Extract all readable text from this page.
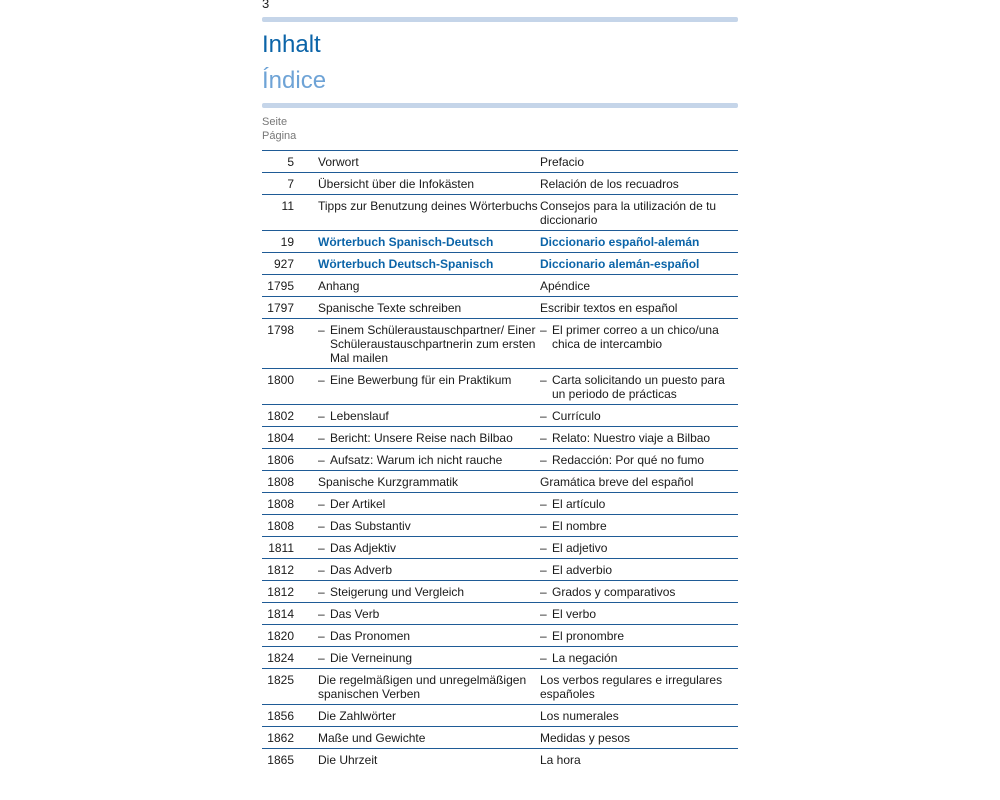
3
Inhalt
Índice
Seite
Página
5		Vorwort	Prefacio

7		Übersicht über die Infokästen	Relación de los recuadros

11		Tipps zur Benutzung deines Wörterbuchs	Consejos para la utilización de tu diccionario

19		Wörterbuch Spanisch-Deutsch	Diccionario español-alemán

927		Wörterbuch Deutsch-Spanisch	Diccionario alemán-español

1795		Anhang	Apéndice

1797		Spanische Texte schreiben	Escribir textos en español

1798		– Einem Schüleraustauschpartner/ Einer Schüleraustauschpartnerin zum ersten Mal mailen	– El primer correo a un chico/una chica de intercambio

1800		– Eine Bewerbung für ein Praktikum	– Carta solicitando un puesto para un periodo de prácticas

1802		– Lebenslauf	– Currículo

1804		– Bericht: Unsere Reise nach Bilbao	– Relato: Nuestro viaje a Bilbao

1806		– Aufsatz: Warum ich nicht rauche	– Redacción: Por qué no fumo

1808		Spanische Kurzgrammatik	Gramática breve del español

1808		– Der Artikel	– El artículo

1808		– Das Substantiv	– El nombre

1811		– Das Adjektiv	– El adjetivo

1812		– Das Adverb	– El adverbio

1812		– Steigerung und Vergleich	– Grados y comparativos

1814		– Das Verb	– El verbo

1820		– Das Pronomen	– El pronombre

1824		– Die Verneinung	– La negación

1825		Die regelmäßigen und unregelmäßigen spanischen Verben	Los verbos regulares e irregulares españoles

1856		Die Zahlwörter	Los numerales

1862		Maße und Gewichte	Medidas y pesos

1865		Die Uhrzeit	La hora
